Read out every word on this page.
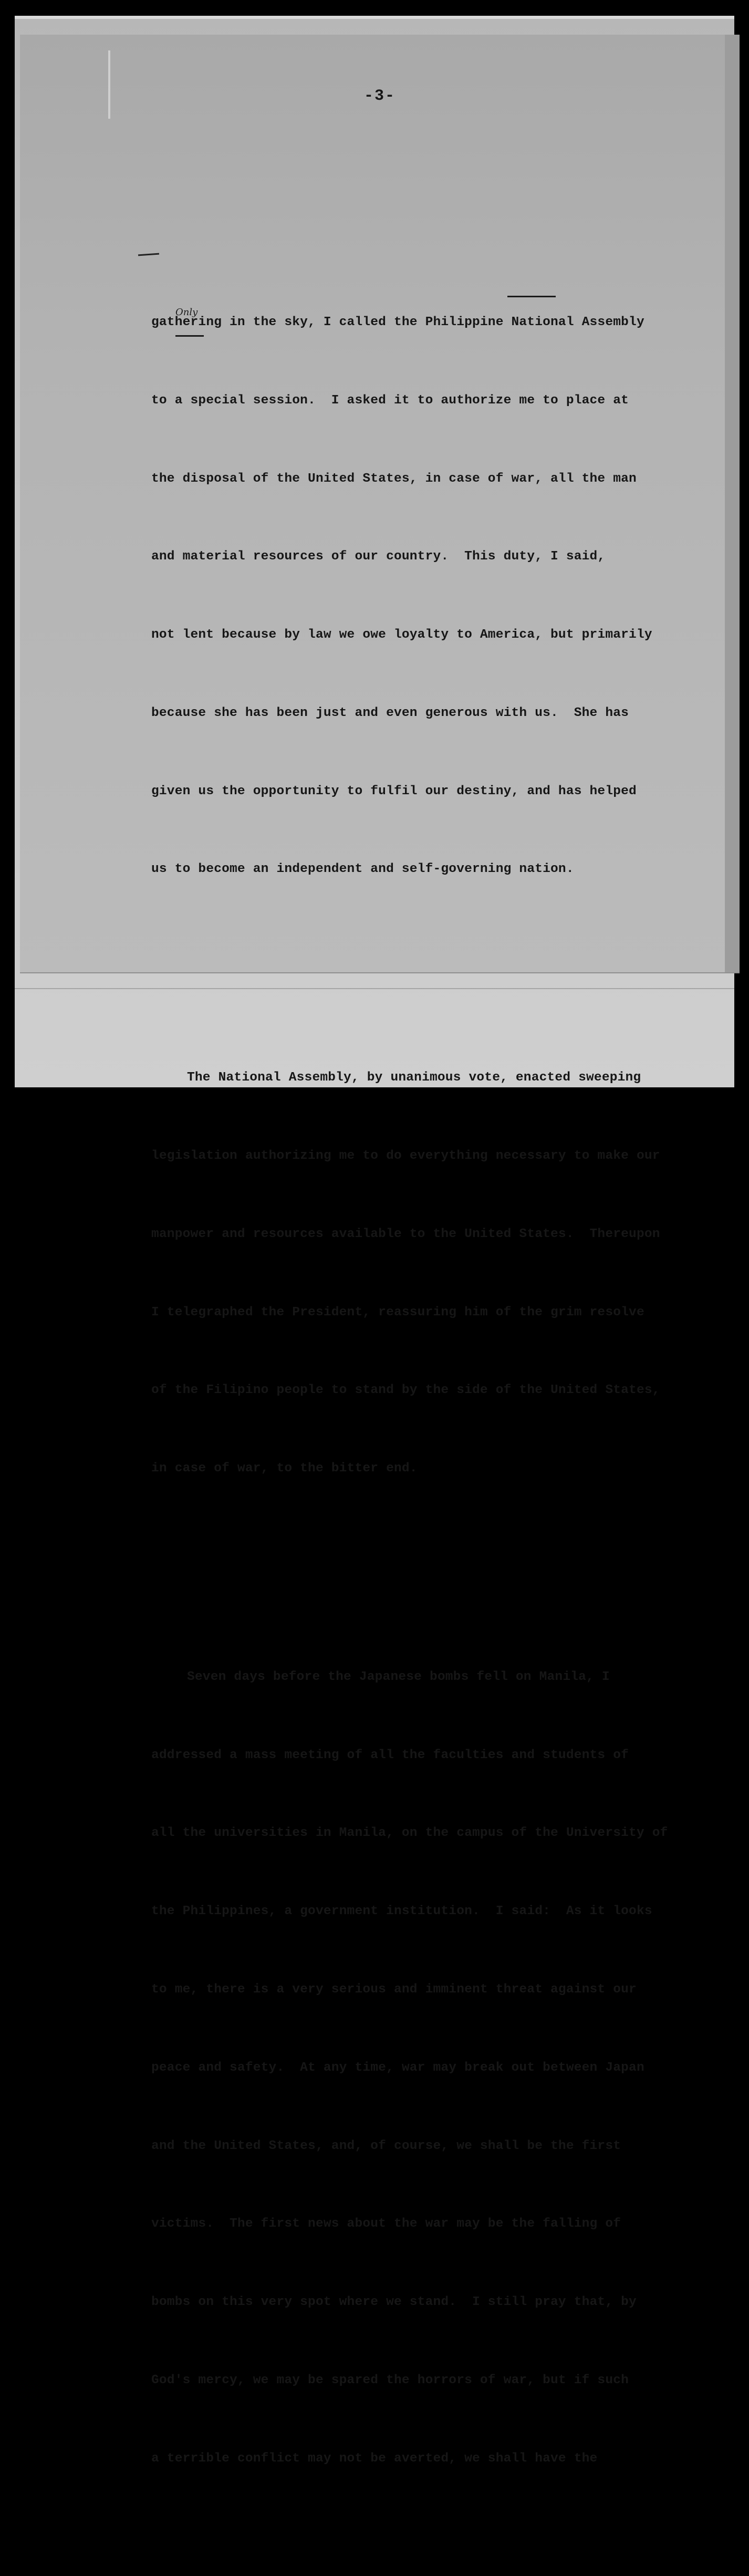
-3-
Only

gathering in the sky, I called the Philippine National Assembly

to a special session.  I asked it to authorize me to place at

the disposal of the United States, in case of war, all the man

and material resources of our country.  This duty, I said,

not lent because by law we owe loyalty to America, but primarily

because she has been just and even generous with us.  She has

given us the opportunity to fulfil our destiny, and has helped

us to become an independent and self-governing nation.

The National Assembly, by unanimous vote, enacted sweeping

legislation authorizing me to do everything necessary to make our

manpower and resources available to the United States.  Thereupon

I telegraphed the President, reassuring him of the grim resolve

of the Filipino people to stand by the side of the United States,

in case of war, to the bitter end.

Seven days before the Japanese bombs fell on Manila, I

addressed a mass meeting of all the faculties and students of

all the universities in Manila, on the campus of the University of

the Philippines, a government institution.  I said:  As it looks

to me, there is a very serious and imminent threat against our

peace and safety.  At any time, war may break out between Japan

and the United States, and, of course, we shall be the first

victims.  The first news about the war may be the falling of

bombs on this very spot where we stand.  I still pray that, by

God's mercy, we may be spared the horrors of war, but if such

a terrible conflict may not be averted, we shall have the
